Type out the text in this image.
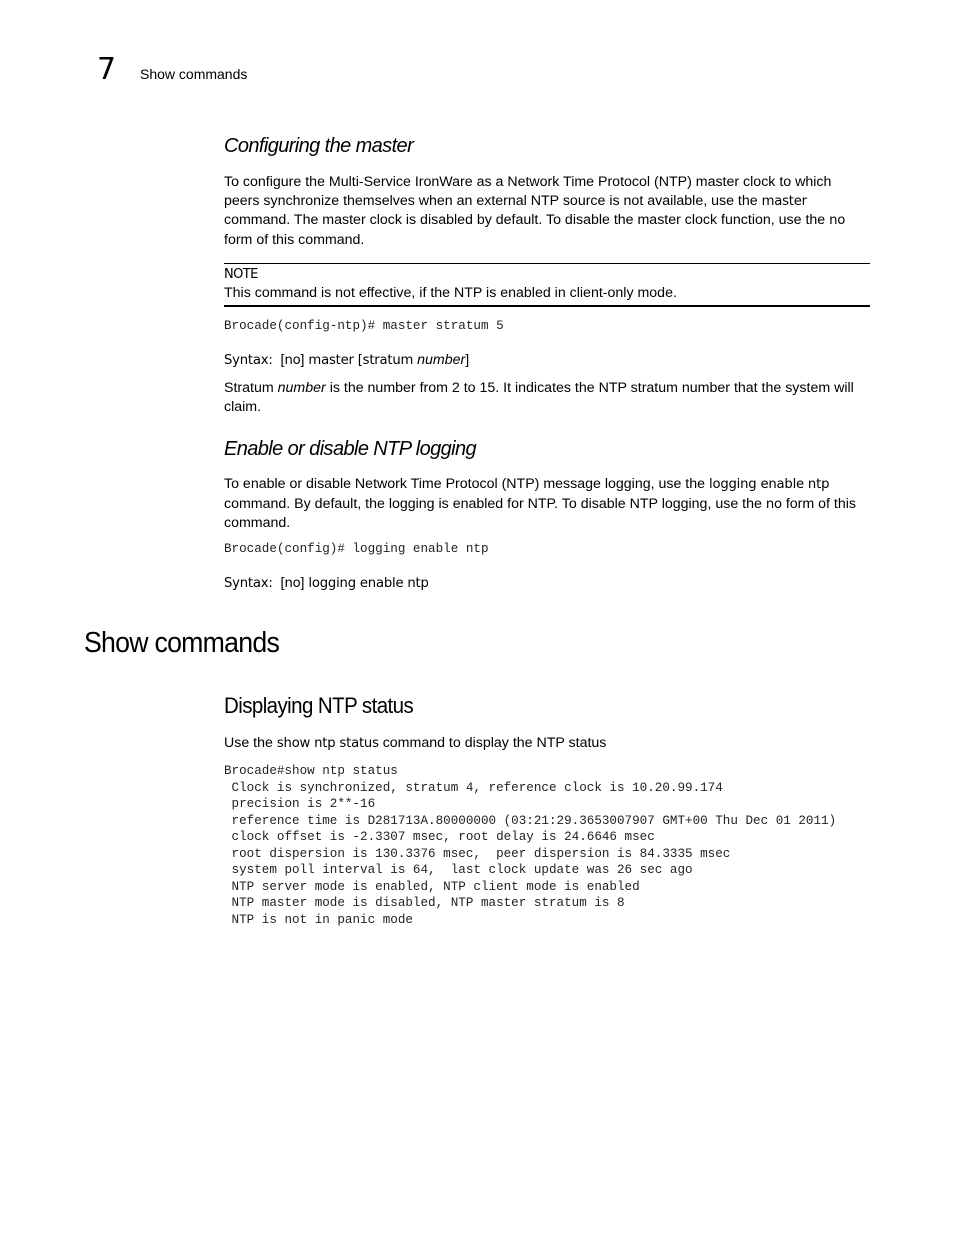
7 Show commands
Configuring the master
To configure the Multi-Service IronWare as a Network Time Protocol (NTP) master clock to which peers synchronize themselves when an external NTP source is not available, use the master command. The master clock is disabled by default. To disable the master clock function, use the no form of this command.
NOTE
This command is not effective, if the NTP is enabled in client-only mode.
Brocade(config-ntp)# master stratum 5
Syntax: [no] master [stratum number]
Stratum number is the number from 2 to 15. It indicates the NTP stratum number that the system will claim.
Enable or disable NTP logging
To enable or disable Network Time Protocol (NTP) message logging, use the logging enable ntp command. By default, the logging is enabled for NTP. To disable NTP logging, use the no form of this command.
Brocade(config)# logging enable ntp
Syntax: [no] logging enable ntp
Show commands
Displaying NTP status
Use the show ntp status command to display the NTP status
Brocade#show ntp status
Clock is synchronized, stratum 4, reference clock is 10.20.99.174
precision is 2**-16
reference time is D281713A.80000000 (03:21:29.3653007907 GMT+00 Thu Dec 01 2011)
clock offset is -2.3307 msec, root delay is 24.6646 msec
root dispersion is 130.3376 msec,  peer dispersion is 84.3335 msec
system poll interval is 64,  last clock update was 26 sec ago
NTP server mode is enabled, NTP client mode is enabled
NTP master mode is disabled, NTP master stratum is 8
NTP is not in panic mode
